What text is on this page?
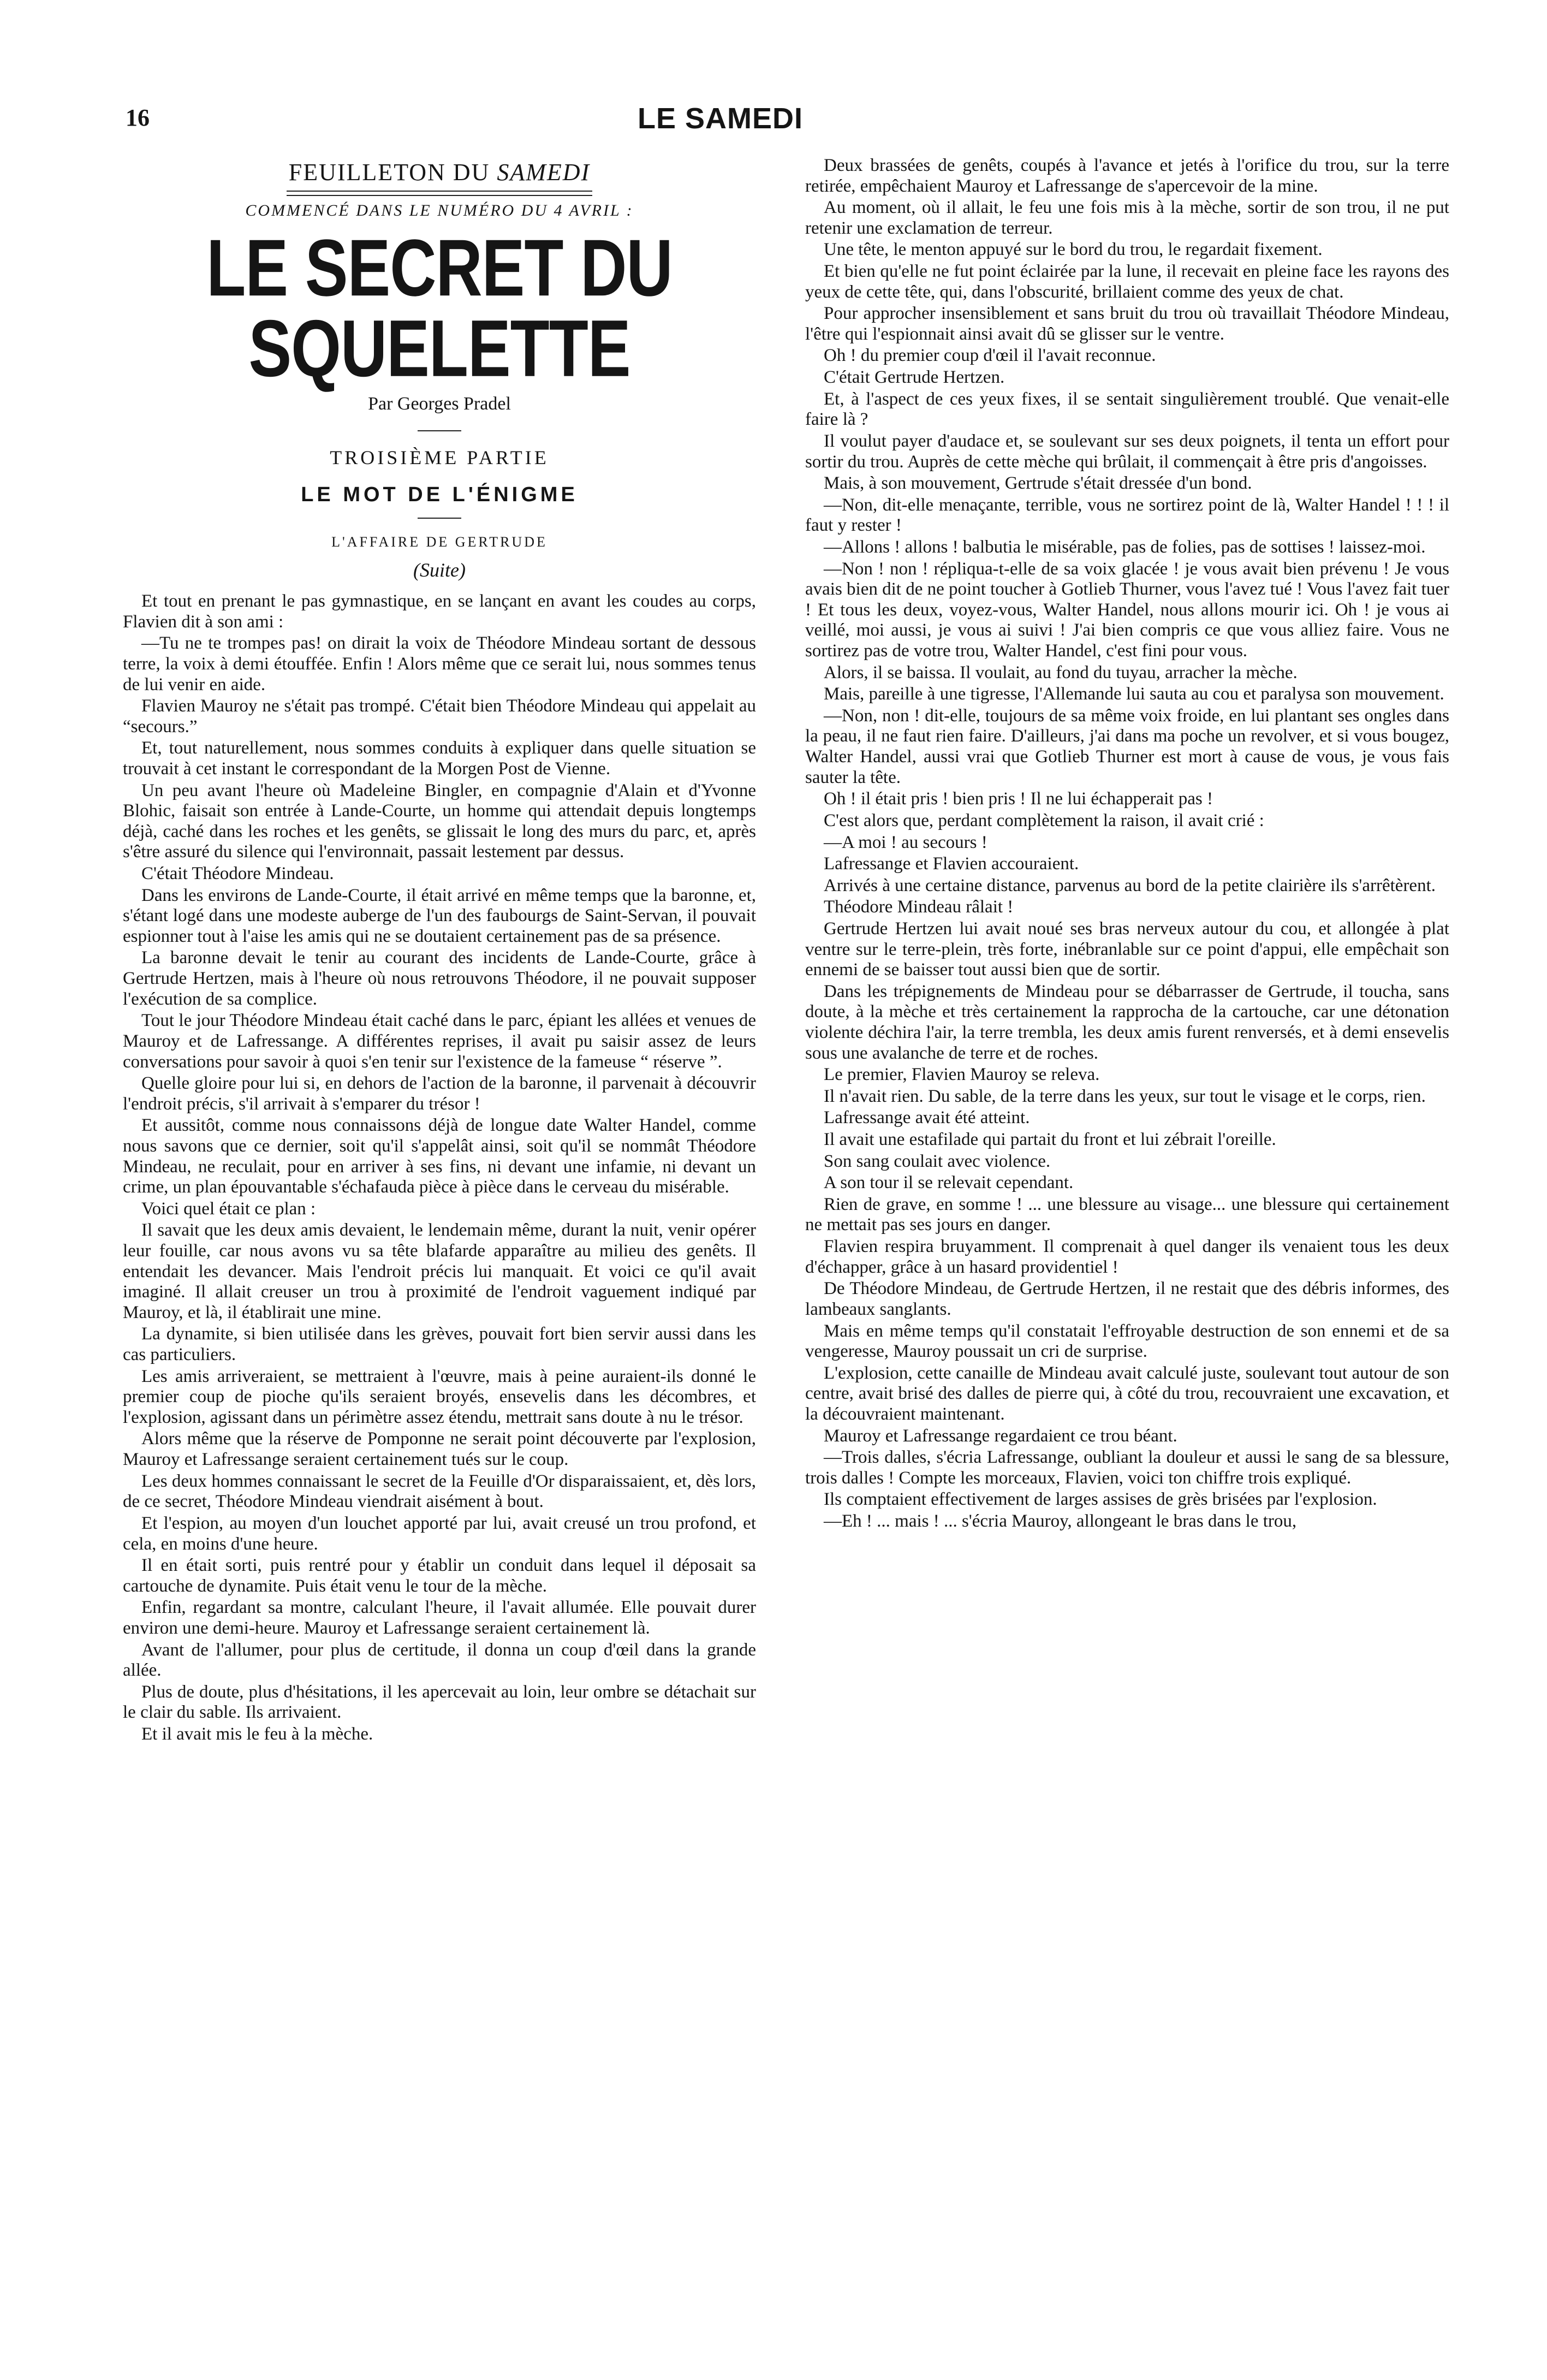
16	LE SAMEDI
FEUILLETON DU SAMEDI
COMMENCÉ DANS LE NUMÉRO DU 4 AVRIL :
LE SECRET DU SQUELETTE
Par Georges Pradel
TROISIÈME PARTIE
LE MOT DE L'ÉNIGME
L'AFFAIRE DE GERTRUDE
(Suite)

Et tout en prenant le pas gymnastique, en se lançant en avant les coudes au corps, Flavien dit à son ami :

—Tu ne te trompes pas! on dirait la voix de Théodore Mindeau sortant de dessous terre, la voix à demi étouffée. Enfin ! Alors même que ce serait lui, nous sommes tenus de lui venir en aide.

Flavien Mauroy ne s'était pas trompé. C'était bien Théodore Mindeau qui appelait au “secours.”

Et, tout naturellement, nous sommes conduits à expliquer dans quelle situation se trouvait à cet instant le correspondant de la Morgen Post de Vienne.

Un peu avant l'heure où Madeleine Bingler, en compagnie d'Alain et d'Yvonne Blohic, faisait son entrée à Lande-Courte, un homme qui attendait depuis longtemps déjà, caché dans les roches et les genêts, se glissait le long des murs du parc, et, après s'être assuré du silence qui l'environnait, passait lestement par dessus.

C'était Théodore Mindeau.

Dans les environs de Lande-Courte, il était arrivé en même temps que la baronne, et, s'étant logé dans une modeste auberge de l'un des faubourgs de Saint-Servan, il pouvait espionner tout à l'aise les amis qui ne se doutaient certainement pas de sa présence.

La baronne devait le tenir au courant des incidents de Lande-Courte, grâce à Gertrude Hertzen, mais à l'heure où nous retrouvons Théodore, il ne pouvait supposer l'exécution de sa complice.

Tout le jour Théodore Mindeau était caché dans le parc, épiant les allées et venues de Mauroy et de Lafressange. A différentes reprises, il avait pu saisir assez de leurs conversations pour savoir à quoi s'en tenir sur l'existence de la fameuse “ réserve ”.

Quelle gloire pour lui si, en dehors de l'action de la baronne, il parvenait à découvrir l'endroit précis, s'il arrivait à s'emparer du trésor !

Et aussitôt, comme nous connaissons déjà de longue date Walter Handel, comme nous savons que ce dernier, soit qu'il s'appelât ainsi, soit qu'il se nommât Théodore Mindeau, ne reculait, pour en arriver à ses fins, ni devant une infamie, ni devant un crime, un plan épouvantable s'échafauda pièce à pièce dans le cerveau du misérable.

Voici quel était ce plan :

Il savait que les deux amis devaient, le lendemain même, durant la nuit, venir opérer leur fouille, car nous avons vu sa tête blafarde apparaître au milieu des genêts. Il entendait les devancer. Mais l'endroit précis lui manquait. Et voici ce qu'il avait imaginé. Il allait creuser un trou à proximité de l'endroit vaguement indiqué par Mauroy, et là, il établirait une mine.

La dynamite, si bien utilisée dans les grèves, pouvait fort bien servir aussi dans les cas particuliers.

Les amis arriveraient, se mettraient à l'œuvre, mais à peine auraient-ils donné le premier coup de pioche qu'ils seraient broyés, ensevelis dans les décombres, et l'explosion, agissant dans un périmètre assez étendu, mettrait sans doute à nu le trésor.

Alors même que la réserve de Pomponne ne serait point découverte par l'explosion, Mauroy et Lafressange seraient certainement tués sur le coup.

Les deux hommes connaissant le secret de la Feuille d'Or disparaissaient, et, dès lors, de ce secret, Théodore Mindeau viendrait aisément à bout.

Et l'espion, au moyen d'un louchet apporté par lui, avait creusé un trou profond, et cela, en moins d'une heure.

Il en était sorti, puis rentré pour y établir un conduit dans lequel il déposait sa cartouche de dynamite. Puis était venu le tour de la mèche.

Enfin, regardant sa montre, calculant l'heure, il l'avait allumée. Elle pouvait durer environ une demi-heure. Mauroy et Lafressange seraient certainement là.

Avant de l'allumer, pour plus de certitude, il donna un coup d'œil dans la grande allée.

Plus de doute, plus d'hésitations, il les apercevait au loin, leur ombre se détachait sur le clair du sable. Ils arrivaient.

Et il avait mis le feu à la mèche.

Deux brassées de genêts, coupés à l'avance et jetés à l'orifice du trou, sur la terre retirée, empêchaient Mauroy et Lafressange de s'apercevoir de la mine.

Au moment, où il allait, le feu une fois mis à la mèche, sortir de son trou, il ne put retenir une exclamation de terreur.

Une tête, le menton appuyé sur le bord du trou, le regardait fixement.

Et bien qu'elle ne fut point éclairée par la lune, il recevait en pleine face les rayons des yeux de cette tête, qui, dans l'obscurité, brillaient comme des yeux de chat.

Pour approcher insensiblement et sans bruit du trou où travaillait Théodore Mindeau, l'être qui l'espionnait ainsi avait dû se glisser sur le ventre.

Oh ! du premier coup d'œil il l'avait reconnue.

C'était Gertrude Hertzen.

Et, à l'aspect de ces yeux fixes, il se sentait singulièrement troublé. Que venait-elle faire là ?

Il voulut payer d'audace et, se soulevant sur ses deux poignets, il tenta un effort pour sortir du trou. Auprès de cette mèche qui brûlait, il commençait à être pris d'angoisses.

Mais, à son mouvement, Gertrude s'était dressée d'un bond.

—Non, dit-elle menaçante, terrible, vous ne sortirez point de là, Walter Handel ! ! ! il faut y rester !

—Allons ! allons ! balbutia le misérable, pas de folies, pas de sottises ! laissez-moi.

—Non ! non ! répliqua-t-elle de sa voix glacée ! je vous avait bien prévenu ! Je vous avais bien dit de ne point toucher à Gotlieb Thurner, vous l'avez tué ! Vous l'avez fait tuer ! Et tous les deux, voyez-vous, Walter Handel, nous allons mourir ici. Oh ! je vous ai veillé, moi aussi, je vous ai suivi ! J'ai bien compris ce que vous alliez faire. Vous ne sortirez pas de votre trou, Walter Handel, c'est fini pour vous.

Alors, il se baissa. Il voulait, au fond du tuyau, arracher la mèche.

Mais, pareille à une tigresse, l'Allemande lui sauta au cou et paralysa son mouvement.

—Non, non ! dit-elle, toujours de sa même voix froide, en lui plantant ses ongles dans la peau, il ne faut rien faire. D'ailleurs, j'ai dans ma poche un revolver, et si vous bougez, Walter Handel, aussi vrai que Gotlieb Thurner est mort à cause de vous, je vous fais sauter la tête.

Oh ! il était pris ! bien pris ! Il ne lui échapperait pas !

C'est alors que, perdant complètement la raison, il avait crié :

—A moi ! au secours !

Lafressange et Flavien accouraient.

Arrivés à une certaine distance, parvenus au bord de la petite clairière ils s'arrêtèrent.

Théodore Mindeau râlait !

Gertrude Hertzen lui avait noué ses bras nerveux autour du cou, et allongée à plat ventre sur le terre-plein, très forte, inébranlable sur ce point d'appui, elle empêchait son ennemi de se baisser tout aussi bien que de sortir.

Dans les trépignements de Mindeau pour se débarrasser de Gertrude, il toucha, sans doute, à la mèche et très certainement la rapprocha de la cartouche, car une détonation violente déchira l'air, la terre trembla, les deux amis furent renversés, et à demi ensevelis sous une avalanche de terre et de roches.

Le premier, Flavien Mauroy se releva.

Il n'avait rien. Du sable, de la terre dans les yeux, sur tout le visage et le corps, rien.

Lafressange avait été atteint.

Il avait une estafilade qui partait du front et lui zébrait l'oreille.

Son sang coulait avec violence.

A son tour il se relevait cependant.

Rien de grave, en somme ! ... une blessure au visage... une blessure qui certainement ne mettait pas ses jours en danger.

Flavien respira bruyamment. Il comprenait à quel danger ils venaient tous les deux d'échapper, grâce à un hasard providentiel !

De Théodore Mindeau, de Gertrude Hertzen, il ne restait que des débris informes, des lambeaux sanglants.

Mais en même temps qu'il constatait l'effroyable destruction de son ennemi et de sa vengeresse, Mauroy poussait un cri de surprise.

L'explosion, cette canaille de Mindeau avait calculé juste, soulevant tout autour de son centre, avait brisé des dalles de pierre qui, à côté du trou, recouvraient une excavation, et la découvraient maintenant.

Mauroy et Lafressange regardaient ce trou béant.

—Trois dalles, s'écria Lafressange, oubliant la douleur et aussi le sang de sa blessure, trois dalles ! Compte les morceaux, Flavien, voici ton chiffre trois expliqué.

Ils comptaient effectivement de larges assises de grès brisées par l'explosion.

—Eh ! ... mais ! ... s'écria Mauroy, allongeant le bras dans le trou,
